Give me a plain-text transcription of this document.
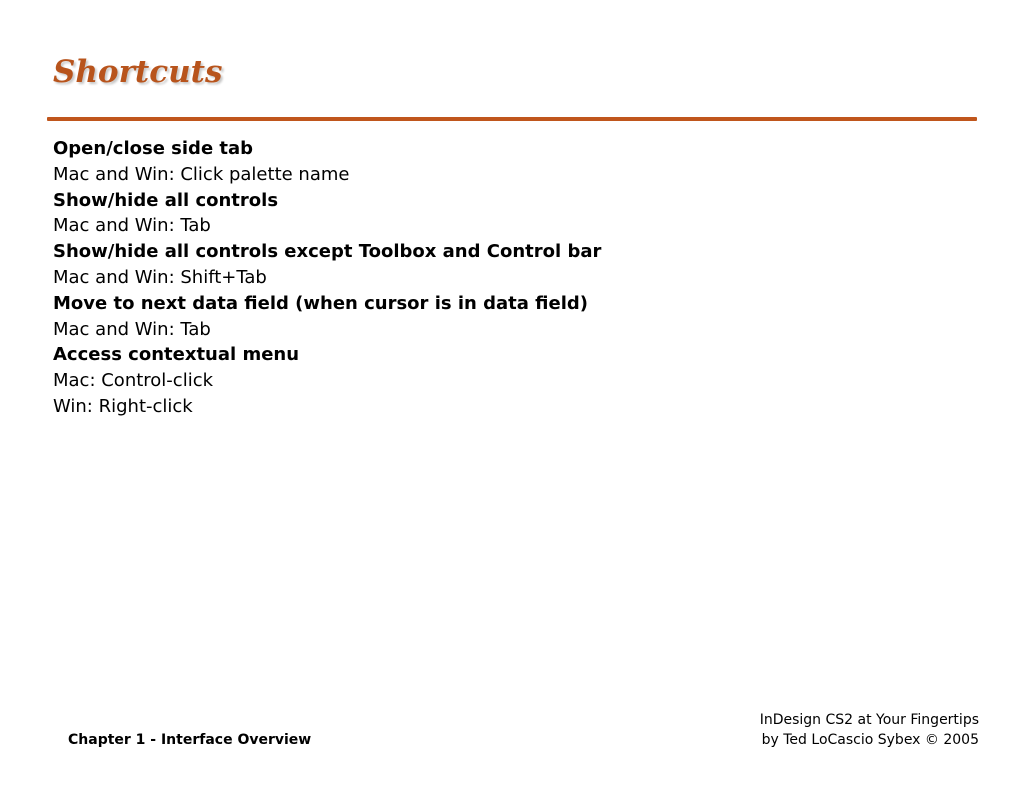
Shortcuts
Open/close side tab
Mac and Win: Click palette name
Show/hide all controls
Mac and Win: Tab
Show/hide all controls except Toolbox and Control bar
Mac and Win: Shift+Tab
Move to next data field (when cursor is in data field)
Mac and Win: Tab
Access contextual menu
Mac: Control-click
Win: Right-click
Chapter 1 - Interface Overview
InDesign CS2 at Your Fingertips
by Ted LoCascio Sybex © 2005
